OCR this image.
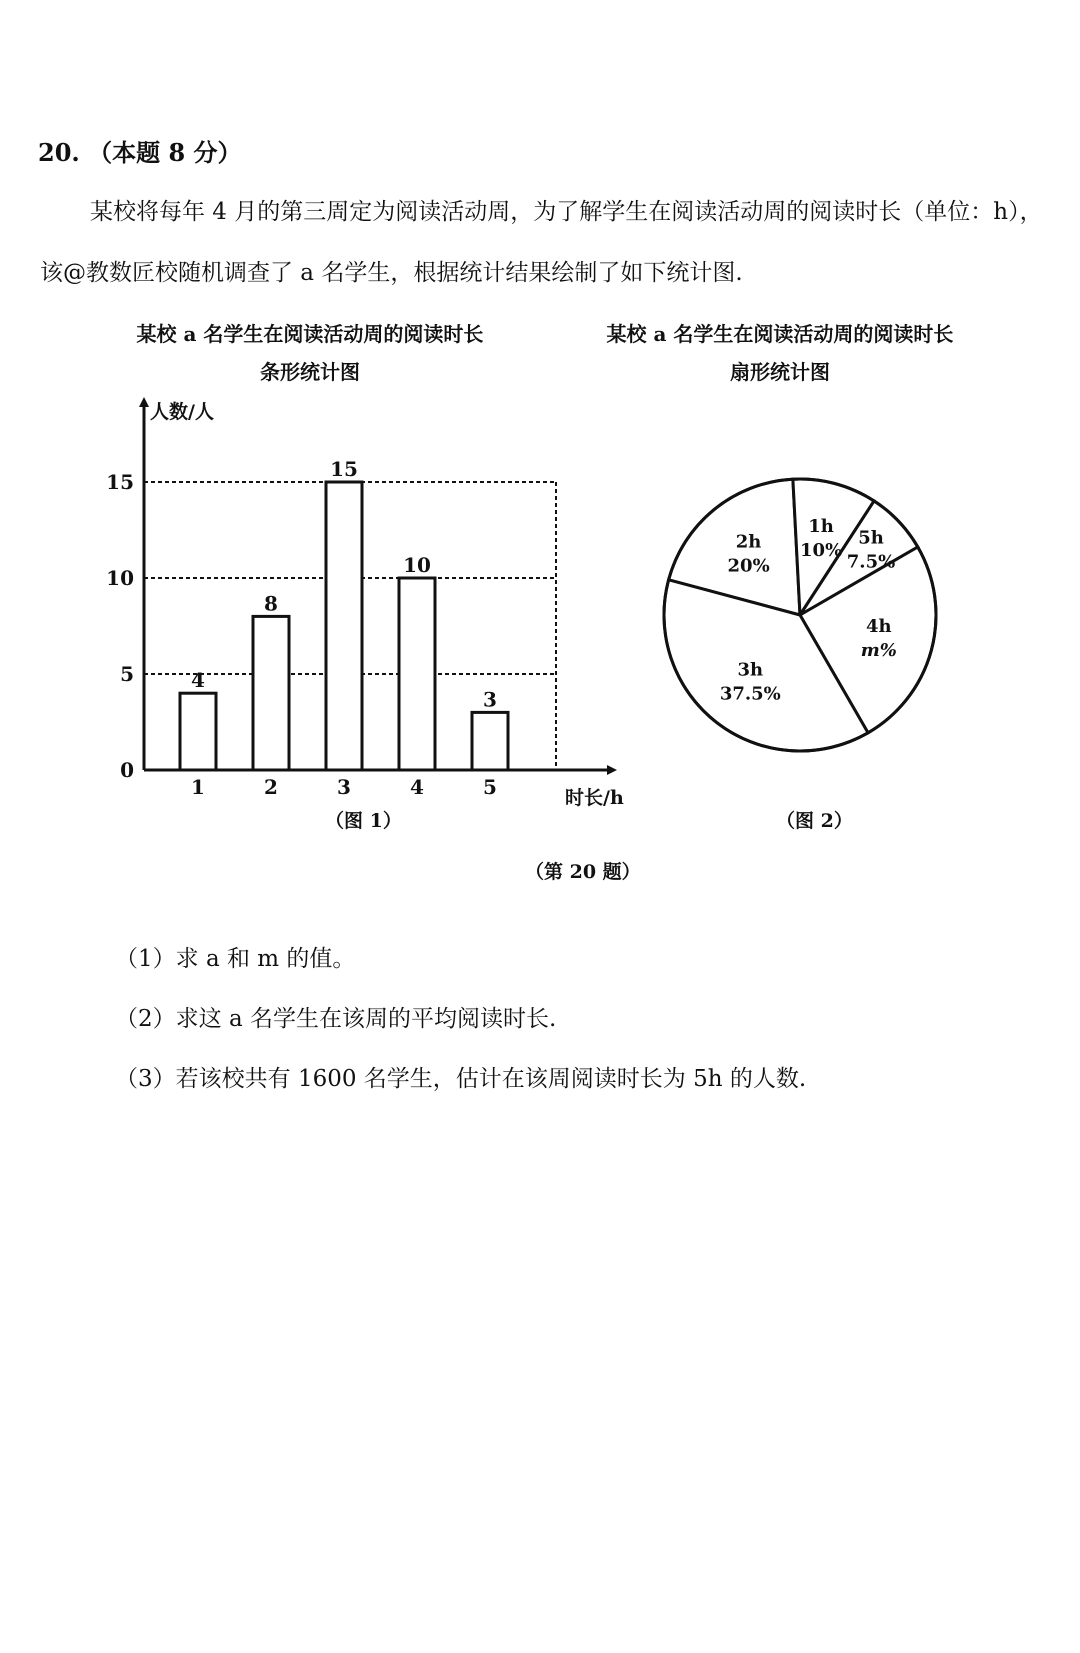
20. （本题 8 分）
某校将每年 4 月的第三周定为阅读活动周，为了解学生在阅读活动周的阅读时长（单位：h），
该@教数匠校随机调查了 a 名学生，根据统计结果绘制了如下统计图.
某校 a 名学生在阅读活动周的阅读时长
条形统计图
某校 a 名学生在阅读活动周的阅读时长
扇形统计图
人数/人
时长/h
0
5
10
15
4
1
8
2
15
3
10
4
3
5
（图 1）
2h
20%
1h
10%
5h
7.5%
4h
m%
3h
37.5%
（图 2）
（第 20 题）
（1）求 a 和 m 的值。
（2）求这 a 名学生在该周的平均阅读时长.
（3）若该校共有 1600 名学生，估计在该周阅读时长为 5h 的人数.
